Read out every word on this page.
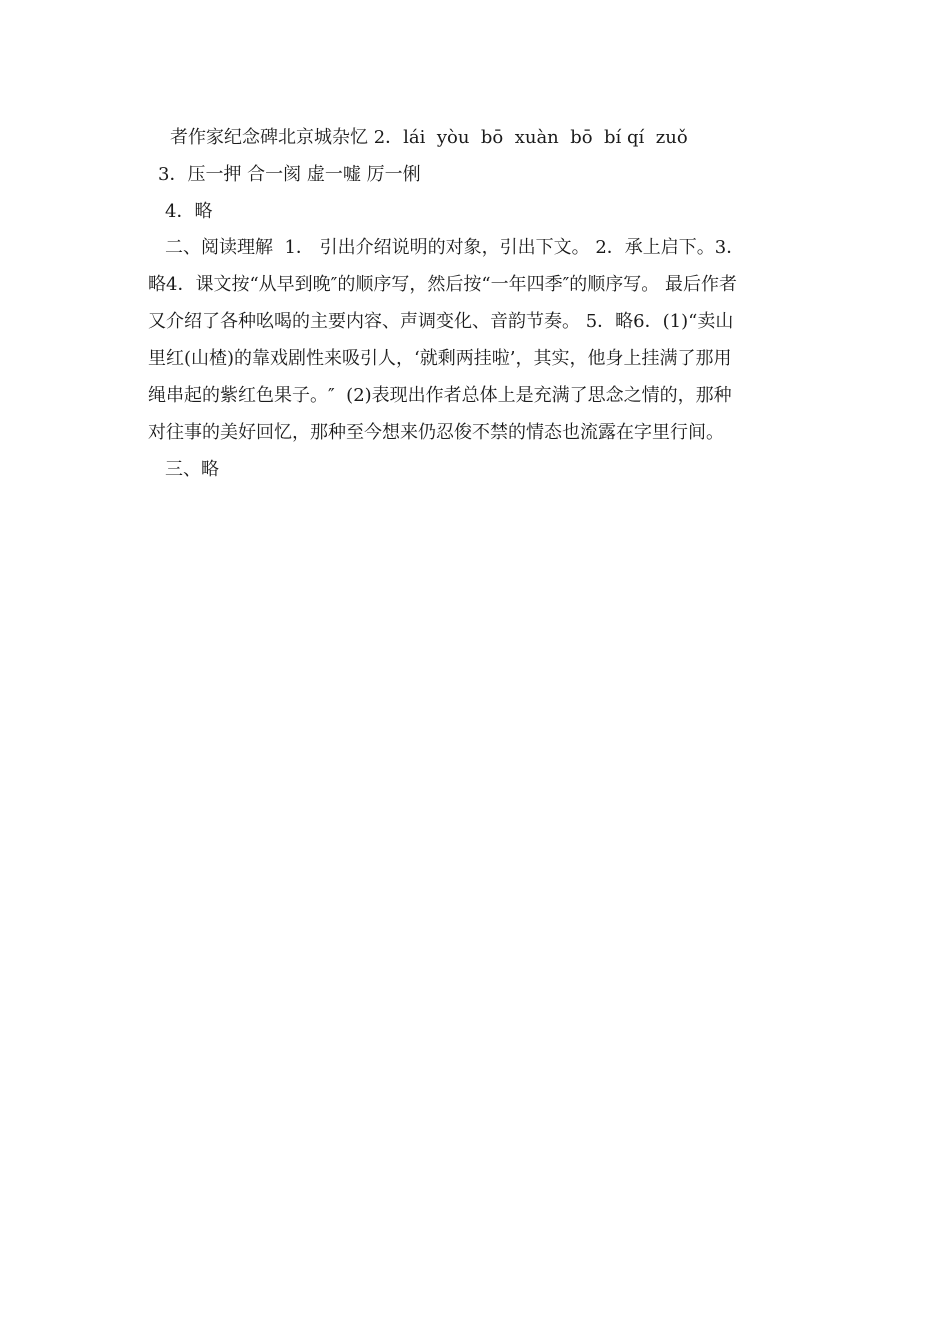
者作家纪念碑北京城杂忆 2．lái  yòu  bō  xuàn  bō  bí qí  zuǒ
3．压一押 合一阂 虚一嘘 厉一俐
4．略
二、阅读理解  1． 引出介绍说明的对象，引出下文。 2．承上启下。3．
略4．课文按“从早到晚″的顺序写，然后按“一年四季″的顺序写。 最后作者
又介绍了各种吆喝的主要内容、声调变化、音韵节奏。 5．略6．(1)“卖山
里红(山楂)的靠戏剧性来吸引人，‘就剩两挂啦’，其实，他身上挂满了那用
绳串起的紫红色果子。″  (2)表现出作者总体上是充满了思念之情的，那种
对往事的美好回忆，那种至今想来仍忍俊不禁的情态也流露在字里行间。
三、略
